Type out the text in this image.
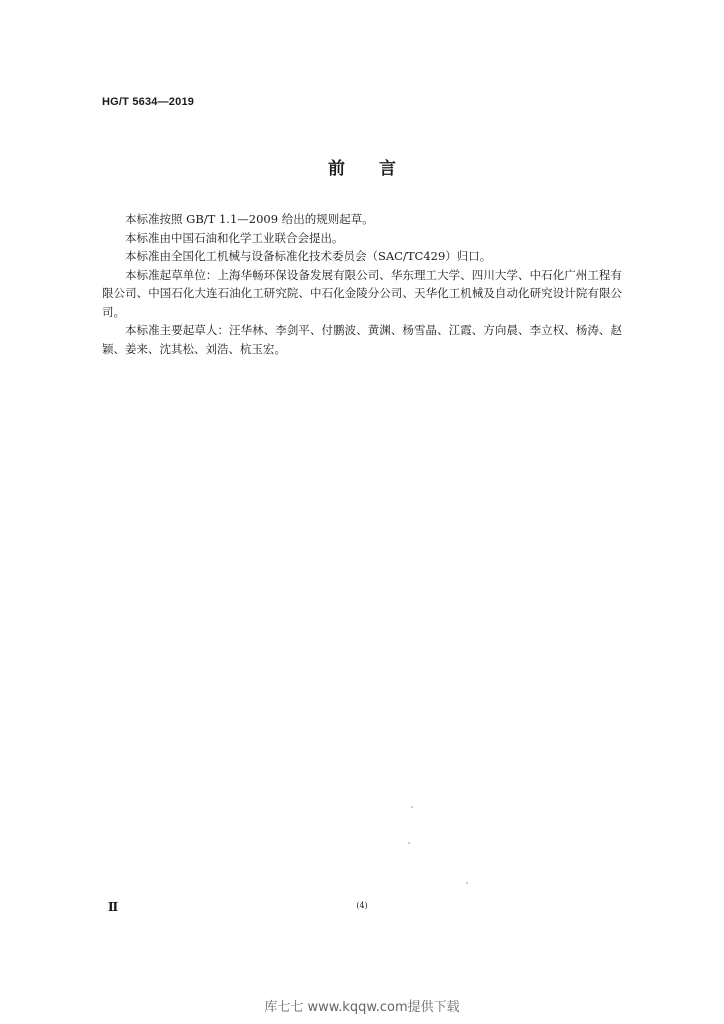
HG/T 5634—2019
前言

本标准按照 GB/T 1.1—2009 给出的规则起草。

本标准由中国石油和化学工业联合会提出。

本标准由全国化工机械与设备标准化技术委员会（SAC/TC429）归口。

本标准起草单位：上海华畅环保设备发展有限公司、华东理工大学、四川大学、中石化广州工程有限公司、中国石化大连石油化工研究院、中石化金陵分公司、天华化工机械及自动化研究设计院有限公司。

本标准主要起草人：汪华林、李剑平、付鹏波、黄渊、杨雪晶、江霞、方向晨、李立权、杨涛、赵颖、姜来、沈其松、刘浩、杭玉宏。

Ⅱ	(4)
库七七 www.kqqw.com提供下载
